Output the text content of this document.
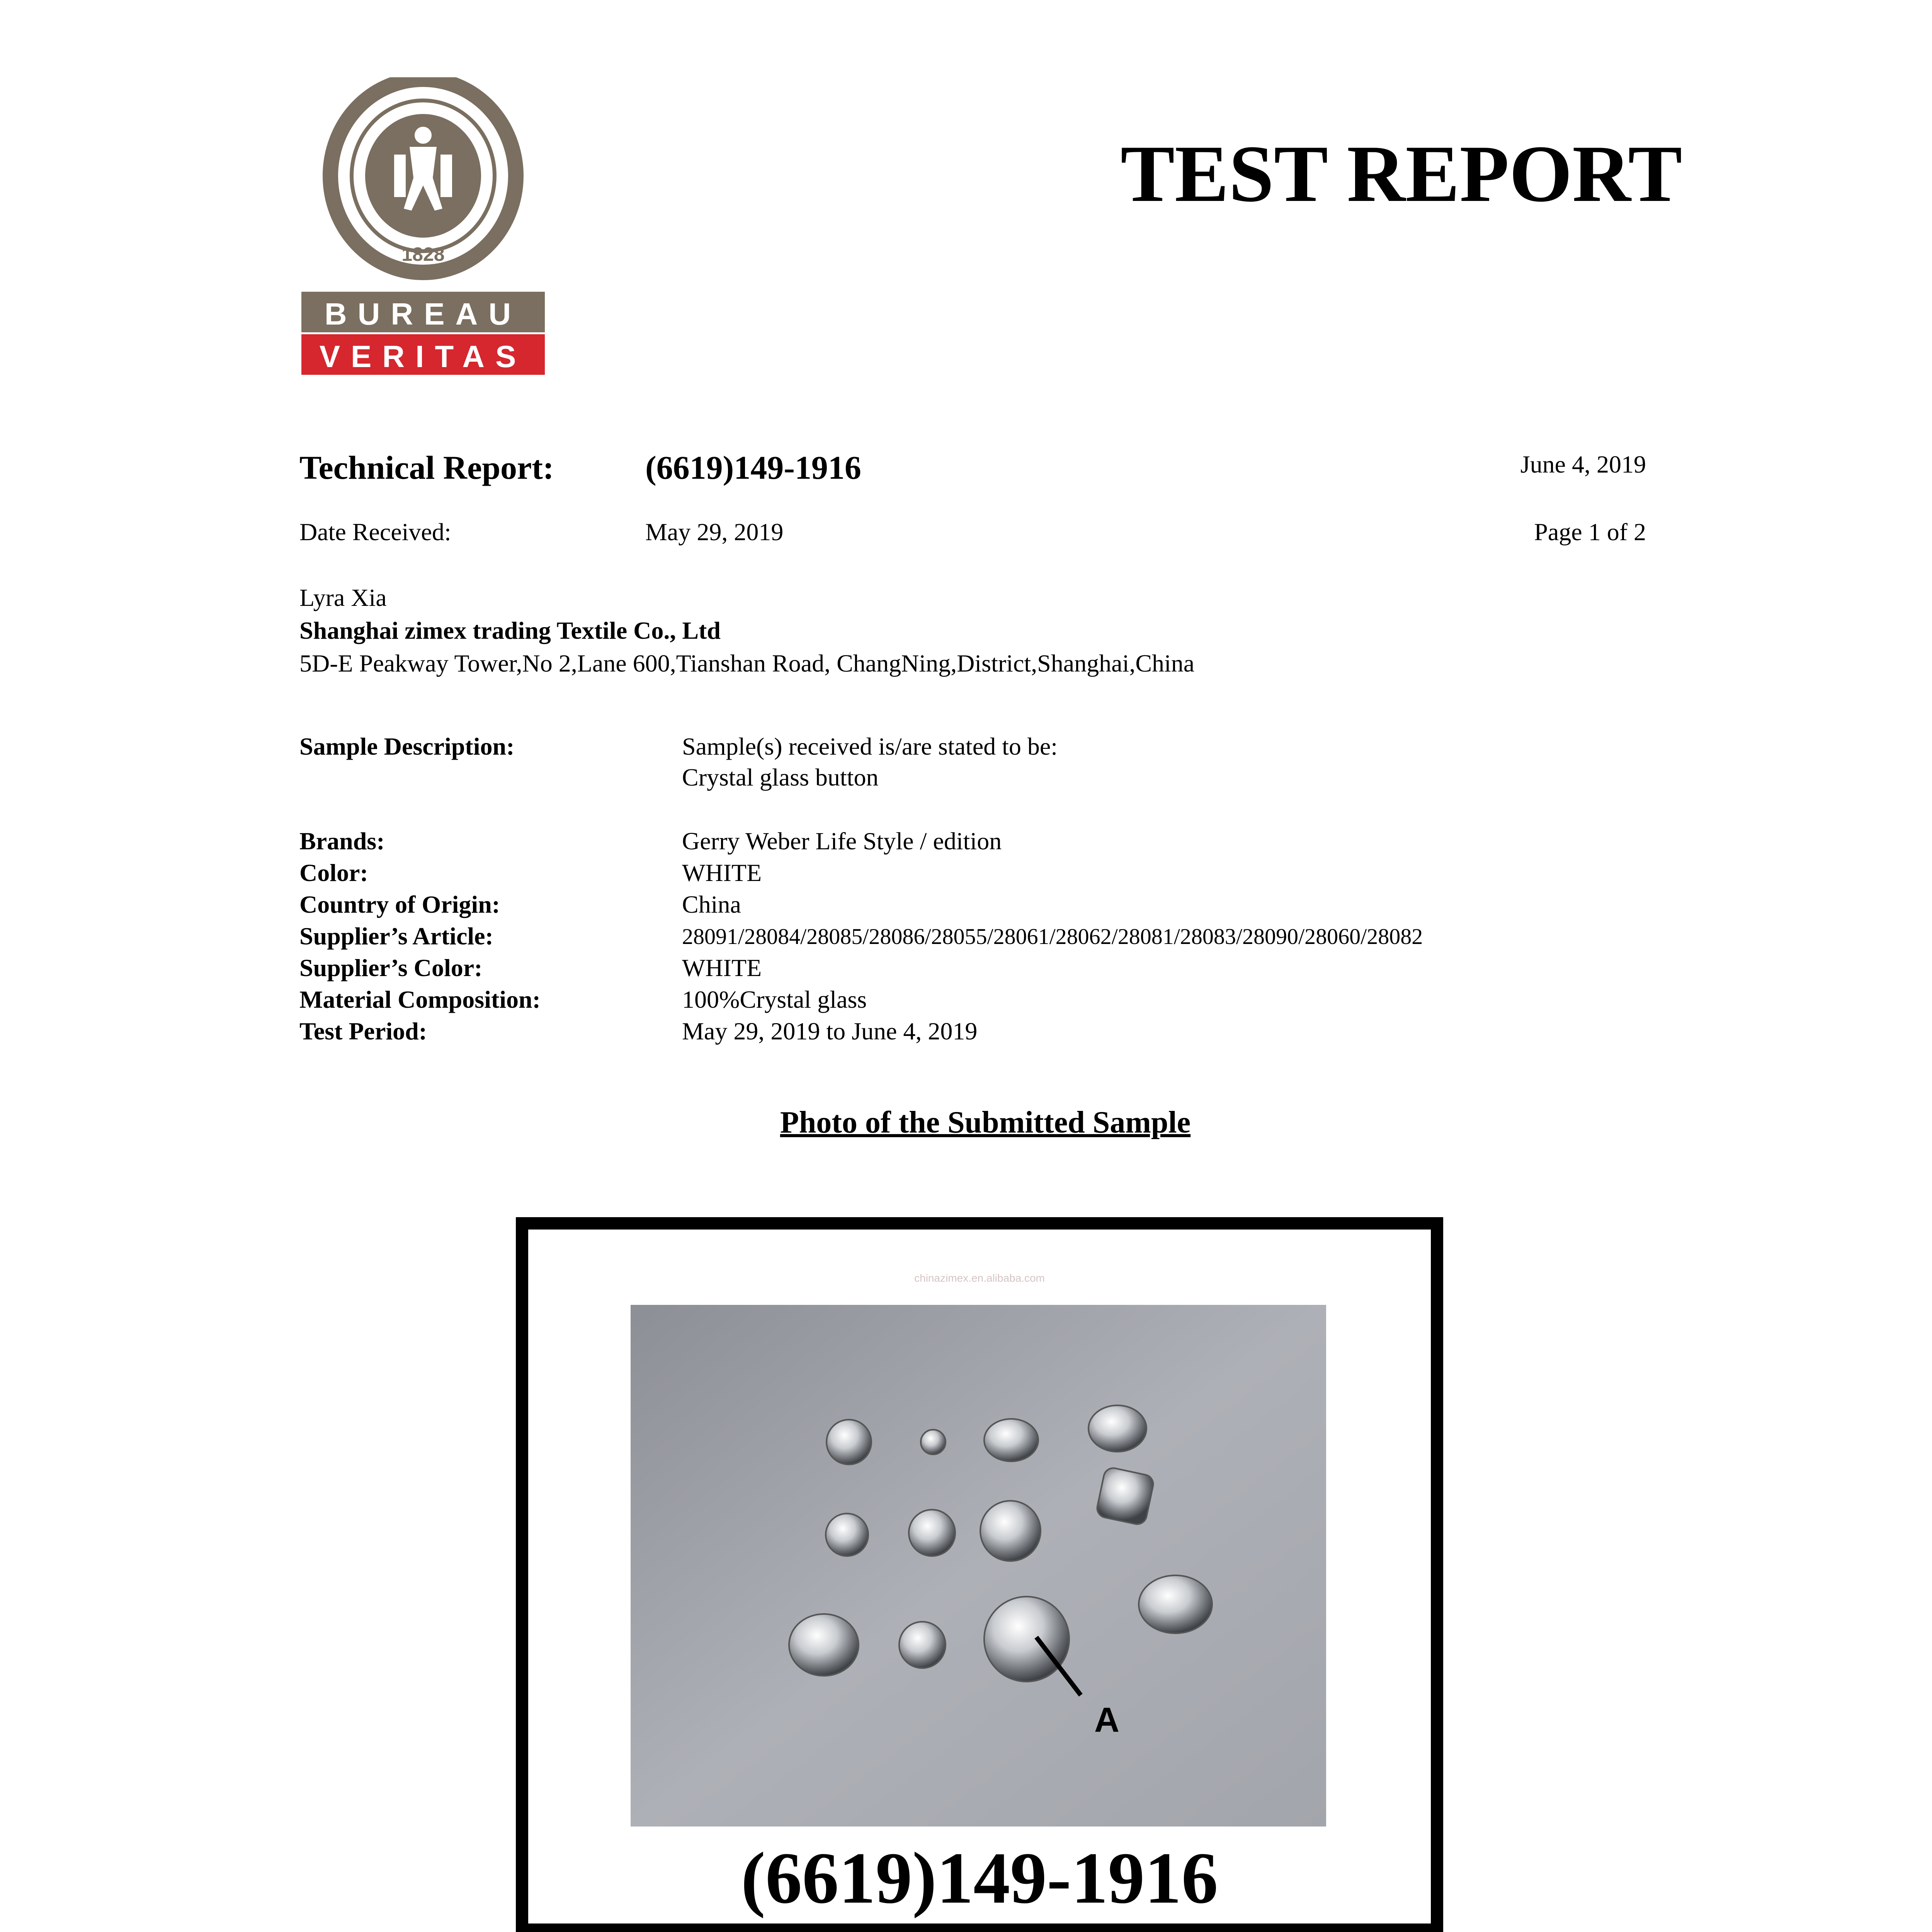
1828
BUREAU
VERITAS
TEST REPORT
Technical Report:	(6619)149-1916	June 4, 2019
Date Received:	May 29, 2019	Page 1 of 2
Lyra Xia
Shanghai zimex trading Textile Co., Ltd
5D-E Peakway Tower,No 2,Lane 600,Tianshan Road, ChangNing,District,Shanghai,China
Sample Description:	Sample(s) received is/are stated to be:
Crystal glass button
Brands:	Gerry Weber Life Style / edition
Color:	WHITE
Country of Origin:	China
Supplier’s Article:	28091/28084/28085/28086/28055/28061/28062/28081/28083/28090/28060/28082
Supplier’s Color:	WHITE
Material Composition:	100%Crystal glass
Test Period:	May 29, 2019 to June 4, 2019
Photo of the Submitted Sample
chinazimex.en.alibaba.com
A
(6619)149-1916
